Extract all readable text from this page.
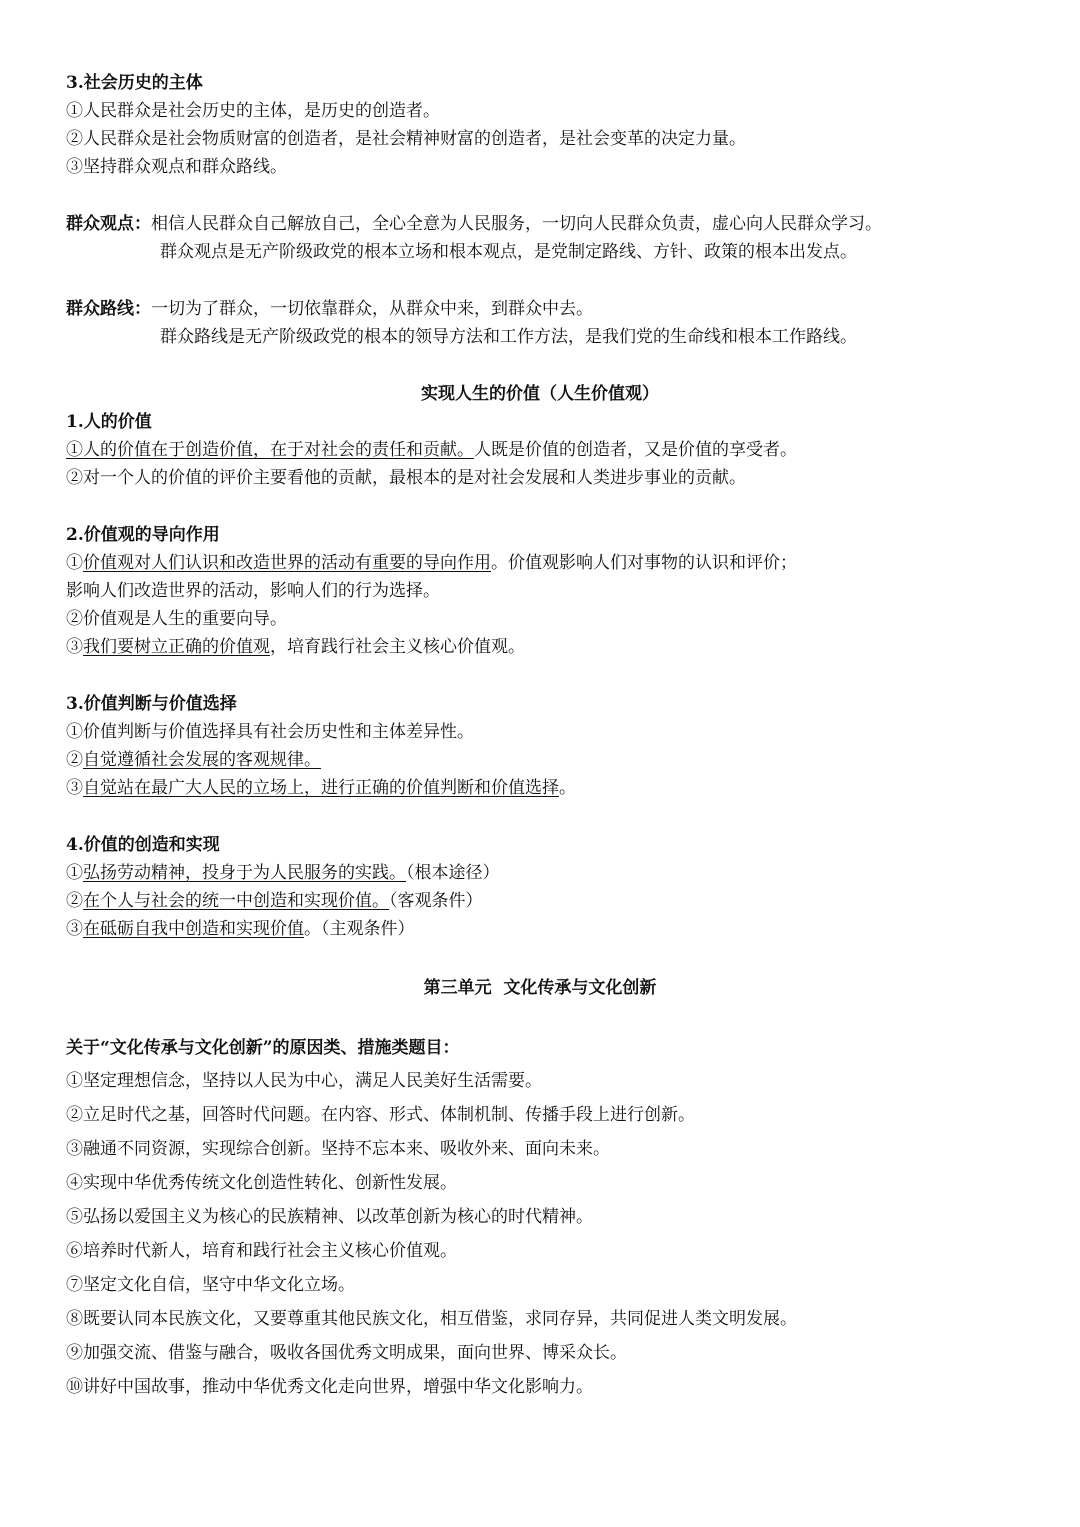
3.社会历史的主体
①人民群众是社会历史的主体，是历史的创造者。
②人民群众是社会物质财富的创造者，是社会精神财富的创造者，是社会变革的决定力量。
③坚持群众观点和群众路线。
群众观点：相信人民群众自己解放自己，全心全意为人民服务，一切向人民群众负责，虚心向人民群众学习。
群众观点是无产阶级政党的根本立场和根本观点，是党制定路线、方针、政策的根本出发点。
群众路线：一切为了群众，一切依靠群众，从群众中来，到群众中去。
群众路线是无产阶级政党的根本的领导方法和工作方法，是我们党的生命线和根本工作路线。
实现人生的价值（人生价值观）
1.人的价值
①人的价值在于创造价值，在于对社会的责任和贡献。人既是价值的创造者，又是价值的享受者。
②对一个人的价值的评价主要看他的贡献，最根本的是对社会发展和人类进步事业的贡献。
2.价值观的导向作用
①价值观对人们认识和改造世界的活动有重要的导向作用。价值观影响人们对事物的认识和评价；
影响人们改造世界的活动，影响人们的行为选择。
②价值观是人生的重要向导。
③我们要树立正确的价值观，培育践行社会主义核心价值观。
3.价值判断与价值选择
①价值判断与价值选择具有社会历史性和主体差异性。
②自觉遵循社会发展的客观规律。
③自觉站在最广大人民的立场上，进行正确的价值判断和价值选择。
4.价值的创造和实现
①弘扬劳动精神，投身于为人民服务的实践。（根本途径）
②在个人与社会的统一中创造和实现价值。（客观条件）
③在砥砺自我中创造和实现价值。（主观条件）
第三单元  文化传承与文化创新
关于“文化传承与文化创新”的原因类、措施类题目：
①坚定理想信念，坚持以人民为中心，满足人民美好生活需要。
②立足时代之基，回答时代问题。在内容、形式、体制机制、传播手段上进行创新。
③融通不同资源，实现综合创新。坚持不忘本来、吸收外来、面向未来。
④实现中华优秀传统文化创造性转化、创新性发展。
⑤弘扬以爱国主义为核心的民族精神、以改革创新为核心的时代精神。
⑥培养时代新人，培育和践行社会主义核心价值观。
⑦坚定文化自信，坚守中华文化立场。
⑧既要认同本民族文化，又要尊重其他民族文化，相互借鉴，求同存异，共同促进人类文明发展。
⑨加强交流、借鉴与融合，吸收各国优秀文明成果，面向世界、博采众长。
⑩讲好中国故事，推动中华优秀文化走向世界，增强中华文化影响力。
